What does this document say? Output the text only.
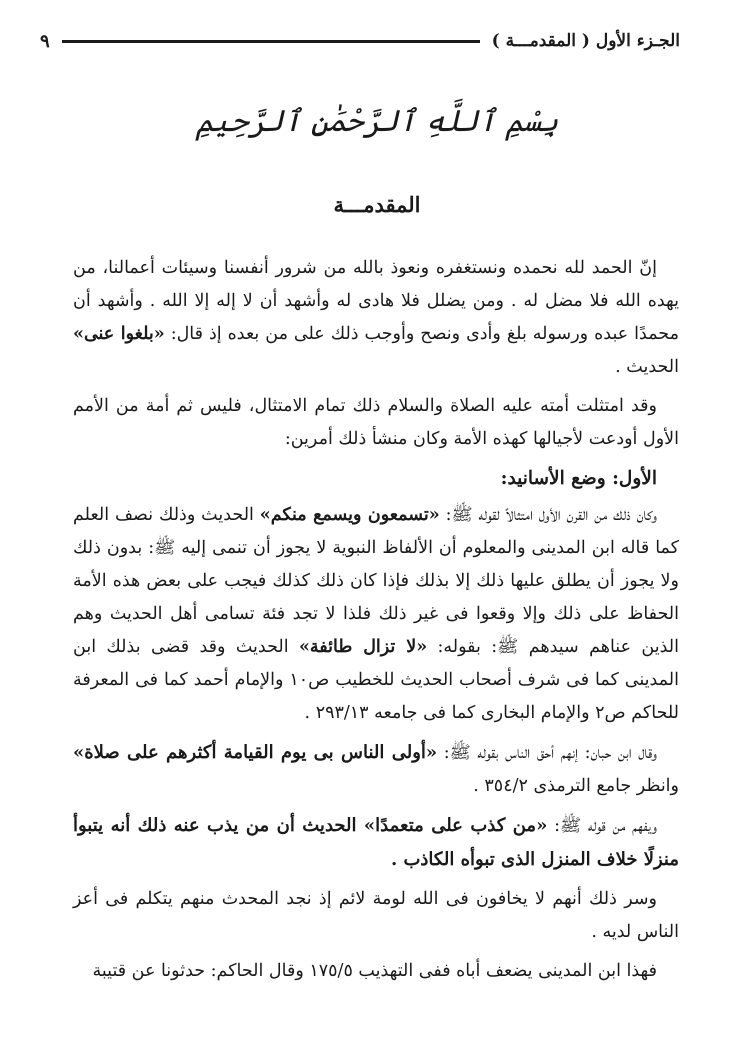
الجـزء الأول ( المقدمـــة )
٩
بِسْمِ ٱللَّهِ ٱلرَّحْمَٰنِ ٱلرَّحِيمِ
المقدمـــة

إنّ الحمد لله نحمده ونستغفره ونعوذ بالله من شرور أنفسنا وسيئات أعمالنا، من يهده الله فلا مضل له . ومن يضلل فلا هادى له وأشهد أن لا إله إلا الله . وأشهد أن محمدًا عبده ورسوله بلغ وأدى ونصح وأوجب ذلك على من بعده إذ قال: «بلغوا عنى» الحديث .

وقد امتثلت أمته عليه الصلاة والسلام ذلك تمام الامتثال، فليس ثم أمة من الأمم الأول أودعت لأجيالها كهذه الأمة وكان منشأ ذلك أمرين:

الأول: وضع الأسانيد:

وكان ذلك من القرن الأول امتثالاً لقوله ﷺ: «تسمعون ويسمع منكم» الحديث وذلك نصف العلم كما قاله ابن المدينى والمعلوم أن الألفاظ النبوية لا يجوز أن تنمى إليه ﷺ: بدون ذلك ولا يجوز أن يطلق عليها ذلك إلا بذلك فإذا كان ذلك كذلك فيجب على بعض هذه الأمة الحفاظ على ذلك وإلا وقعوا فى غير ذلك فلذا لا تجد فئة تسامى أهل الحديث وهم الذين عناهم سيدهم ﷺ: بقوله: «لا تزال طائفة» الحديث وقد قضى بذلك ابن المدينى كما فى شرف أصحاب الحديث للخطيب ص١٠ والإمام أحمد كما فى المعرفة للحاكم ص٢ والإمام البخارى كما فى جامعه ٢٩٣/١٣ .

وقال ابن حبان: إنهم أحق الناس بقوله ﷺ: «أولى الناس بى يوم القيامة أكثرهم على صلاة» وانظر جامع الترمذى ٣٥٤/٢ .

ويفهم من قوله ﷺ: «من كذب على متعمدًا» الحديث أن من يذب عنه ذلك أنه يتبوأ منزلًا خلاف المنزل الذى تبوأه الكاذب .

وسر ذلك أنهم لا يخافون فى الله لومة لائم إذ نجد المحدث منهم يتكلم فى أعز الناس لديه .

فهذا ابن المدينى يضعف أباه ففى التهذيب ١٧٥/٥ وقال الحاكم: حدثونا عن قتيبة
